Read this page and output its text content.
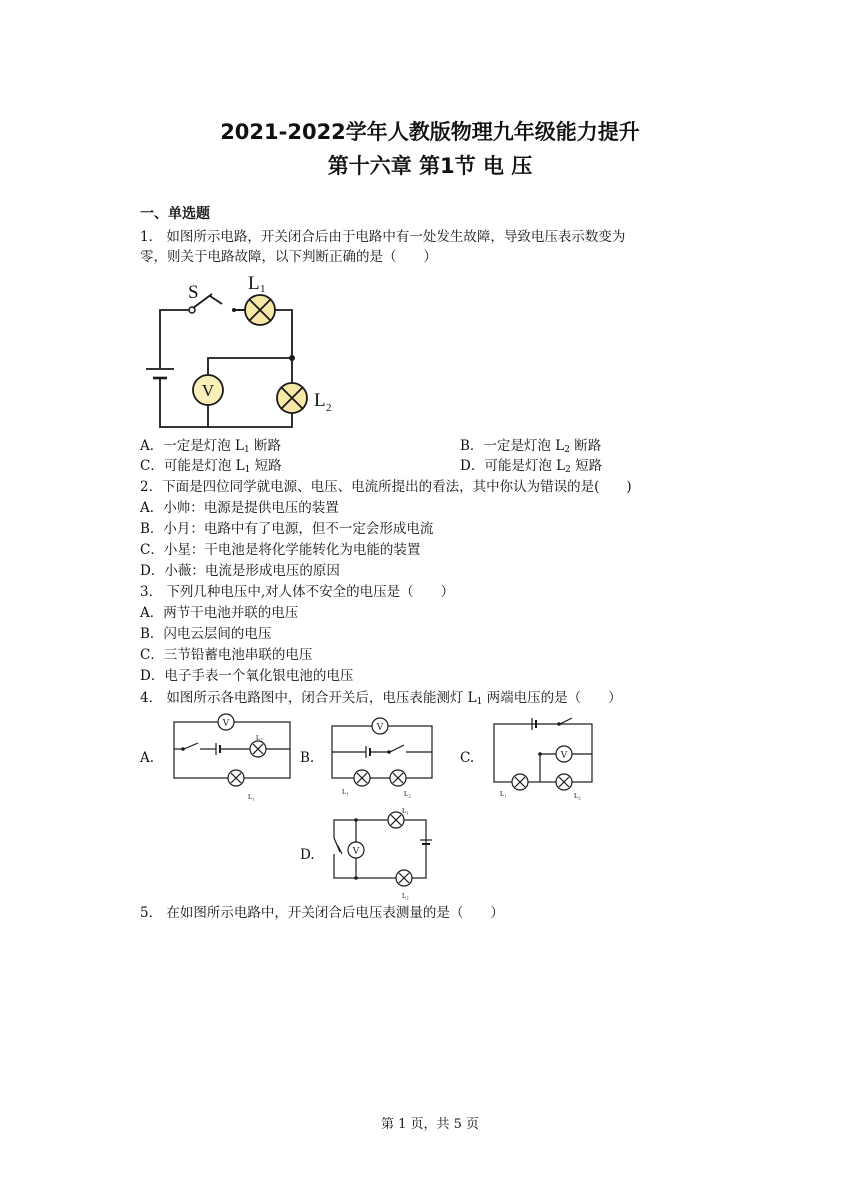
2021-2022学年人教版物理九年级能力提升
第十六章 第1节 电 压
一、单选题
1． 如图所示电路，开关闭合后由于电路中有一处发生故障，导致电压表示数变为
零，则关于电路故障，以下判断正确的是（　　）
V
S	L 1
L 2
A．一定是灯泡 $L_1$ 断路	B．一定是灯泡 $L_2$ 断路
C．可能是灯泡 $L_1$ 短路	D．可能是灯泡 $L_2$ 短路
2．下面是四位同学就电源、电压、电流所提出的看法，其中你认为错误的是(　　)
A．小帅：电源是提供电压的装置
B．小月：电路中有了电源，但不一定会形成电流
C．小星：干电池是将化学能转化为电能的装置
D．小薇：电流是形成电压的原因
3． 下列几种电压中,对人体不安全的电压是（　　）
A．两节干电池并联的电压
B．闪电云层间的电压
C．三节铅蓄电池串联的电压
D．电子手表一个氧化银电池的电压
4． 如图所示各电路图中，闭合开关后，电压表能测灯 $L_1$ 两端电压的是（　　）
A.	B.	C.
D.
V
L₂
L₁
V
L₁	L₂
V
L₁	L₂
V
L₁
L₂
5． 在如图所示电路中，开关闭合后电压表测量的是（　　）
第 1 页，共 5 页
